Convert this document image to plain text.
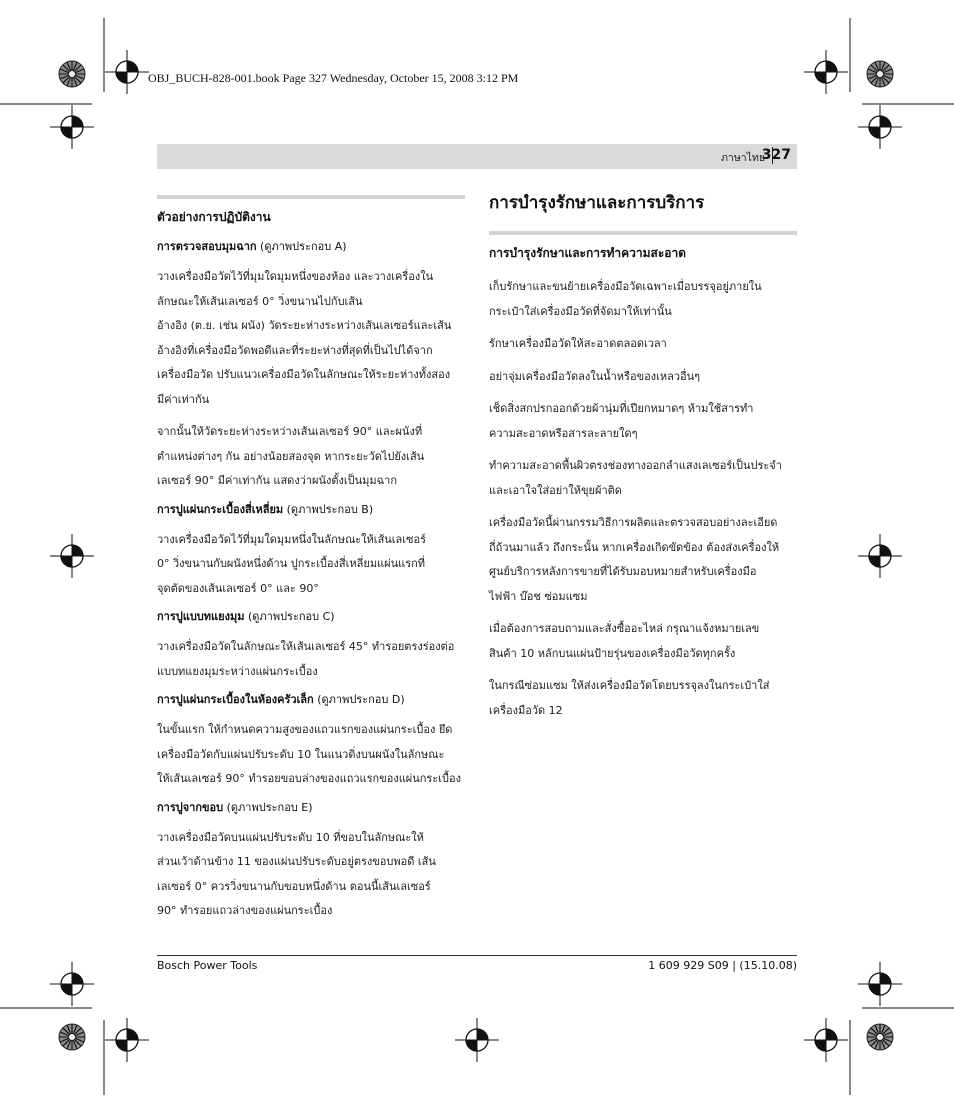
OBJ_BUCH-828-001.book Page 327 Wednesday, October 15, 2008 3:12 PM
ภาษาไทย
327
ตัวอย่างการปฏิบัติงาน
การตรวจสอบมุมฉาก (ดูภาพประกอบ A)

วางเครื่องมือวัดไว้ที่มุมใดมุมหนึ่งของห้อง และวางเครื่องใน
ลักษณะให้เส้นเลเซอร์ 0° วิ่งขนานไปกับเส้น
อ้างอิง (ต.ย. เช่น ผนัง) วัดระยะห่างระหว่างเส้นเลเซอร์และเส้น
อ้างอิงที่เครื่องมือวัดพอดีและที่ระยะห่างที่สุดที่เป็นไปได้จาก
เครื่องมือวัด ปรับแนวเครื่องมือวัดในลักษณะให้ระยะห่างทั้งสอง
มีค่าเท่ากัน

จากนั้นให้วัดระยะห่างระหว่างเส้นเลเซอร์ 90° และผนังที่
ตำแหน่งต่างๆ กัน อย่างน้อยสองจุด หากระยะวัดไปยังเส้น
เลเซอร์ 90° มีค่าเท่ากัน แสดงว่าผนังตั้งเป็นมุมฉาก

การปูแผ่นกระเบื้องสี่เหลี่ยม (ดูภาพประกอบ B)

วางเครื่องมือวัดไว้ที่มุมใดมุมหนึ่งในลักษณะให้เส้นเลเซอร์
0° วิ่งขนานกับผนังหนึ่งด้าน ปูกระเบื้องสี่เหลี่ยมแผ่นแรกที่
จุดตัดของเส้นเลเซอร์ 0° และ 90°

การปูแบบทแยงมุม (ดูภาพประกอบ C)

วางเครื่องมือวัดในลักษณะให้เส้นเลเซอร์ 45° ทำรอยตรงร่องต่อ
แบบทแยงมุมระหว่างแผ่นกระเบื้อง

การปูแผ่นกระเบื้องในห้องครัวเล็ก (ดูภาพประกอบ D)

ในขั้นแรก ให้กำหนดความสูงของแถวแรกของแผ่นกระเบื้อง ยึด
เครื่องมือวัดกับแผ่นปรับระดับ 10 ในแนวดิ่งบนผนังในลักษณะ
ให้เส้นเลเซอร์ 90° ทำรอยขอบล่างของแถวแรกของแผ่นกระเบื้อง

การปูจากขอบ (ดูภาพประกอบ E)

วางเครื่องมือวัดบนแผ่นปรับระดับ 10 ที่ขอบในลักษณะให้
ส่วนเว้าด้านข้าง 11 ของแผ่นปรับระดับอยู่ตรงขอบพอดี เส้น
เลเซอร์ 0° ควรวิ่งขนานกับขอบหนึ่งด้าน ตอนนี้เส้นเลเซอร์
90° ทำรอยแถวล่างของแผ่นกระเบื้อง

การบำรุงรักษาและการบริการ
การบำรุงรักษาและการทำความสะอาด

เก็บรักษาและขนย้ายเครื่องมือวัดเฉพาะเมื่อบรรจุอยู่ภายใน
กระเป๋าใส่เครื่องมือวัดที่จัดมาให้เท่านั้น

รักษาเครื่องมือวัดให้สะอาดตลอดเวลา

อย่าจุ่มเครื่องมือวัดลงในน้ำหรือของเหลวอื่นๆ

เช็ดสิ่งสกปรกออกด้วยผ้านุ่มที่เปียกหมาดๆ ห้ามใช้สารทำ
ความสะอาดหรือสารละลายใดๆ

ทำความสะอาดพื้นผิวตรงช่องทางออกลำแสงเลเซอร์เป็นประจำ
และเอาใจใส่อย่าให้ขุยผ้าติด

เครื่องมือวัดนี้ผ่านกรรมวิธีการผลิตและตรวจสอบอย่างละเอียด
ถี่ถ้วนมาแล้ว ถึงกระนั้น หากเครื่องเกิดขัดข้อง ต้องส่งเครื่องให้
ศูนย์บริการหลังการขายที่ได้รับมอบหมายสำหรับเครื่องมือ
ไฟฟ้า บ๊อช ซ่อมแซม

เมื่อต้องการสอบถามและสั่งซื้ออะไหล่ กรุณาแจ้งหมายเลข
สินค้า 10 หลักบนแผ่นป้ายรุ่นของเครื่องมือวัดทุกครั้ง

ในกรณีซ่อมแซม ให้ส่งเครื่องมือวัดโดยบรรจุลงในกระเป๋าใส่
เครื่องมือวัด 12

Bosch Power Tools	1 609 929 S09 | (15.10.08)
